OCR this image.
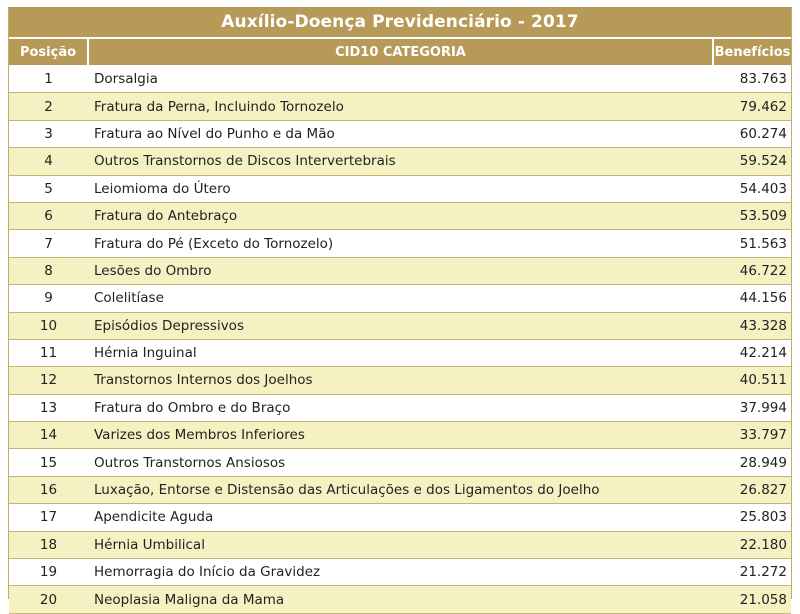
Auxílio-Doença Previdenciário - 2017
Posição	CID10 CATEGORIA	Benefícios
1	Dorsalgia	83.763
2	Fratura da Perna, Incluindo Tornozelo	79.462
3	Fratura ao Nível do Punho e da Mão	60.274
4	Outros Transtornos de Discos Intervertebrais	59.524
5	Leiomioma do Útero	54.403
6	Fratura do Antebraço	53.509
7	Fratura do Pé (Exceto do Tornozelo)	51.563
8	Lesões do Ombro	46.722
9	Colelitíase	44.156
10	Episódios Depressivos	43.328
11	Hérnia Inguinal	42.214
12	Transtornos Internos dos Joelhos	40.511
13	Fratura do Ombro e do Braço	37.994
14	Varizes dos Membros Inferiores	33.797
15	Outros Transtornos Ansiosos	28.949
16	Luxação, Entorse e Distensão das Articulações e dos Ligamentos do Joelho	26.827
17	Apendicite Aguda	25.803
18	Hérnia Umbilical	22.180
19	Hemorragia do Início da Gravidez	21.272
20	Neoplasia Maligna da Mama	21.058
